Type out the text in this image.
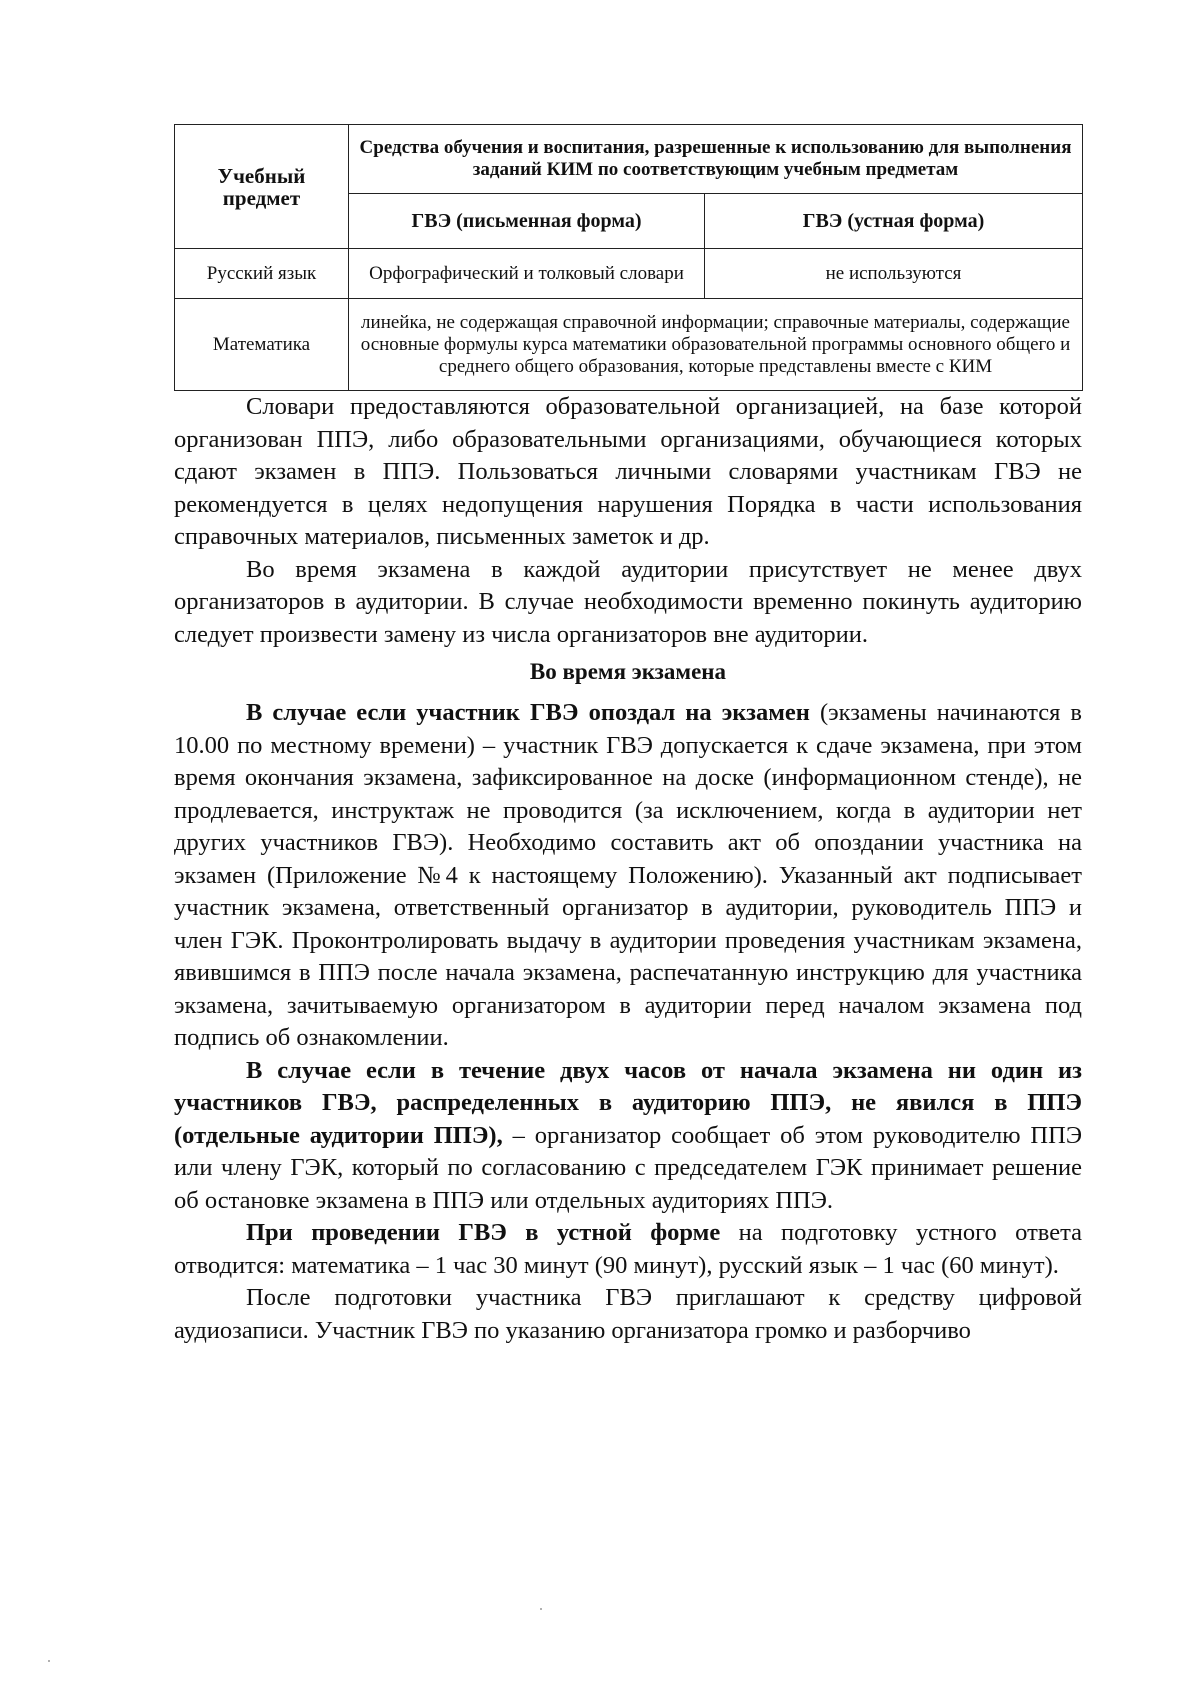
Учебный предмет	Средства обучения и воспитания, разрешенные к использованию для выполнения заданий КИМ по соответствующим учебным предметам	
	ГВЭ (письменная форма)	ГВЭ (устная форма)
Русский язык	Орфографический и толковый словари	не используются
Математика	линейка, не содержащая справочной информации; справочные материалы, содержащие основные формулы курса математики образовательной программы основного общего и среднего общего образования, которые представлены вместе с КИМ	

Словари предоставляются образовательной организацией, на базе которой организован ППЭ, либо образовательными организациями, обучающиеся которых сдают экзамен в ППЭ. Пользоваться личными словарями участникам ГВЭ не рекомендуется в целях недопущения нарушения Порядка в части использования справочных материалов, письменных заметок и др.

Во время экзамена в каждой аудитории присутствует не менее двух организаторов в аудитории. В случае необходимости временно покинуть аудиторию следует произвести замену из числа организаторов вне аудитории.

Во время экзамена

В случае если участник ГВЭ опоздал на экзамен (экзамены начинаются в 10.00 по местному времени) – участник ГВЭ допускается к сдаче экзамена, при этом время окончания экзамена, зафиксированное на доске (информационном стенде), не продлевается, инструктаж не проводится (за исключением, когда в аудитории нет других участников ГВЭ). Необходимо составить акт об опоздании участника на экзамен (Приложение №4 к настоящему Положению). Указанный акт подписывает участник экзамена, ответственный организатор в аудитории, руководитель ППЭ и член ГЭК. Проконтролировать выдачу в аудитории проведения участникам экзамена, явившимся в ППЭ после начала экзамена, распечатанную инструкцию для участника экзамена, зачитываемую организатором в аудитории перед началом экзамена под подпись об ознакомлении.

В случае если в течение двух часов от начала экзамена ни один из участников ГВЭ, распределенных в аудиторию ППЭ, не явился в ППЭ (отдельные аудитории ППЭ), – организатор сообщает об этом руководителю ППЭ или члену ГЭК, который по согласованию с председателем ГЭК принимает решение об остановке экзамена в ППЭ или отдельных аудиториях ППЭ.

При проведении ГВЭ в устной форме на подготовку устного ответа отводится: математика – 1 час 30 минут (90 минут), русский язык – 1 час (60 минут).

После подготовки участника ГВЭ приглашают к средству цифровой аудиозаписи. Участник ГВЭ по указанию организатора громко и разборчиво
